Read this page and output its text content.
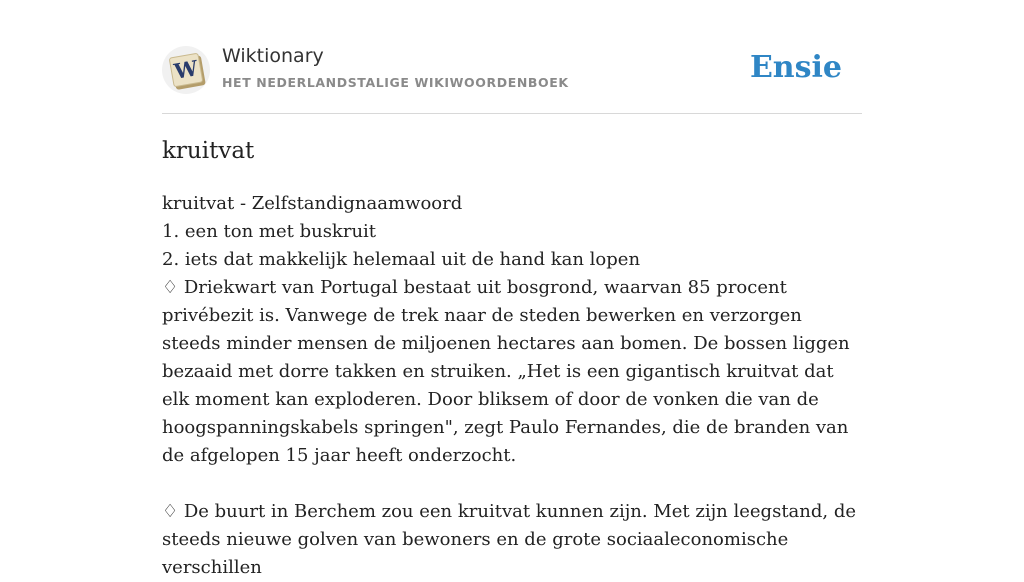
W Wiktionary
HET NEDERLANDSTALIGE WIKIWOORDENBOEK	Ensie
kruitvat

kruitvat - Zelfstandignaamwoord

1. een ton met buskruit

2. iets dat makkelijk helemaal uit de hand kan lopen

♢ Driekwart van Portugal bestaat uit bosgrond, waarvan 85 procent privébezit is. Vanwege de trek naar de steden bewerken en verzorgen steeds minder mensen de miljoenen hectares aan bomen. De bossen liggen bezaaid met dorre takken en struiken. „Het is een gigantisch kruitvat dat elk moment kan exploderen. Door bliksem of door de vonken die van de hoogspanningskabels springen", zegt Paulo Fernandes, die de branden van de afgelopen 15 jaar heeft onderzocht.

♢ De buurt in Berchem zou een kruitvat kunnen zijn. Met zijn leegstand, de steeds nieuwe golven van bewoners en de grote sociaaleconomische verschillen
